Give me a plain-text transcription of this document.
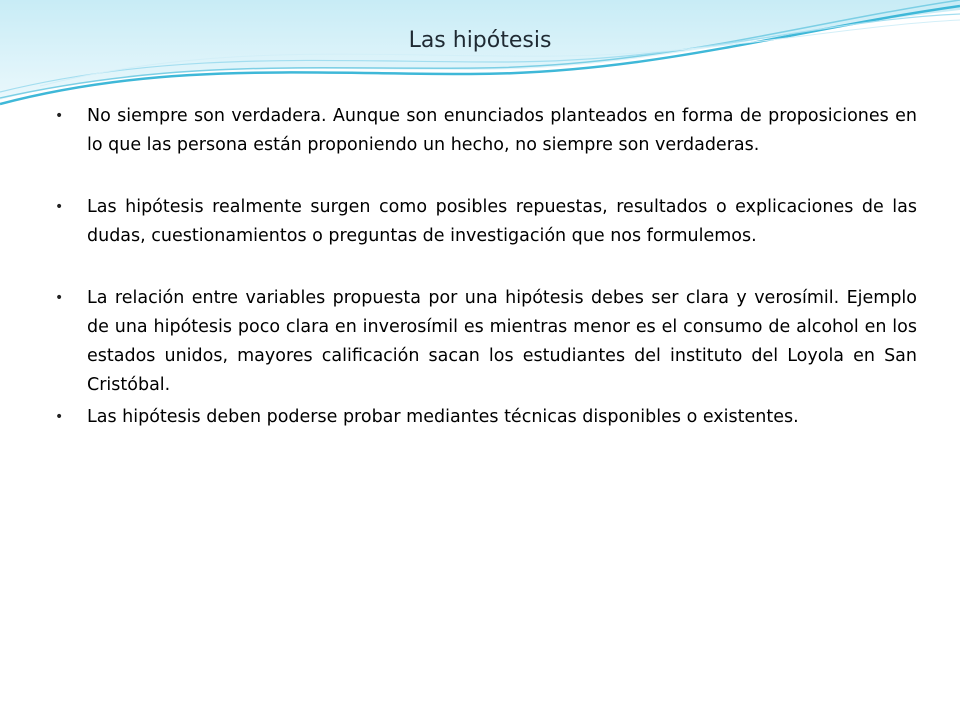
Las hipótesis
• No siempre son verdadera. Aunque son enunciados planteados en forma de proposiciones en lo que las persona están proponiendo un hecho, no siempre son verdaderas.
• Las hipótesis realmente surgen como posibles repuestas, resultados o explicaciones de las dudas, cuestionamientos o preguntas de investigación que nos formulemos.
• La relación entre variables propuesta por una hipótesis debes ser clara y verosímil. Ejemplo de una hipótesis poco clara en inverosímil es mientras menor es el consumo de alcohol en los estados unidos, mayores calificación sacan los estudiantes del instituto del Loyola en San Cristóbal.
• Las hipótesis deben poderse probar mediantes técnicas disponibles o existentes.
